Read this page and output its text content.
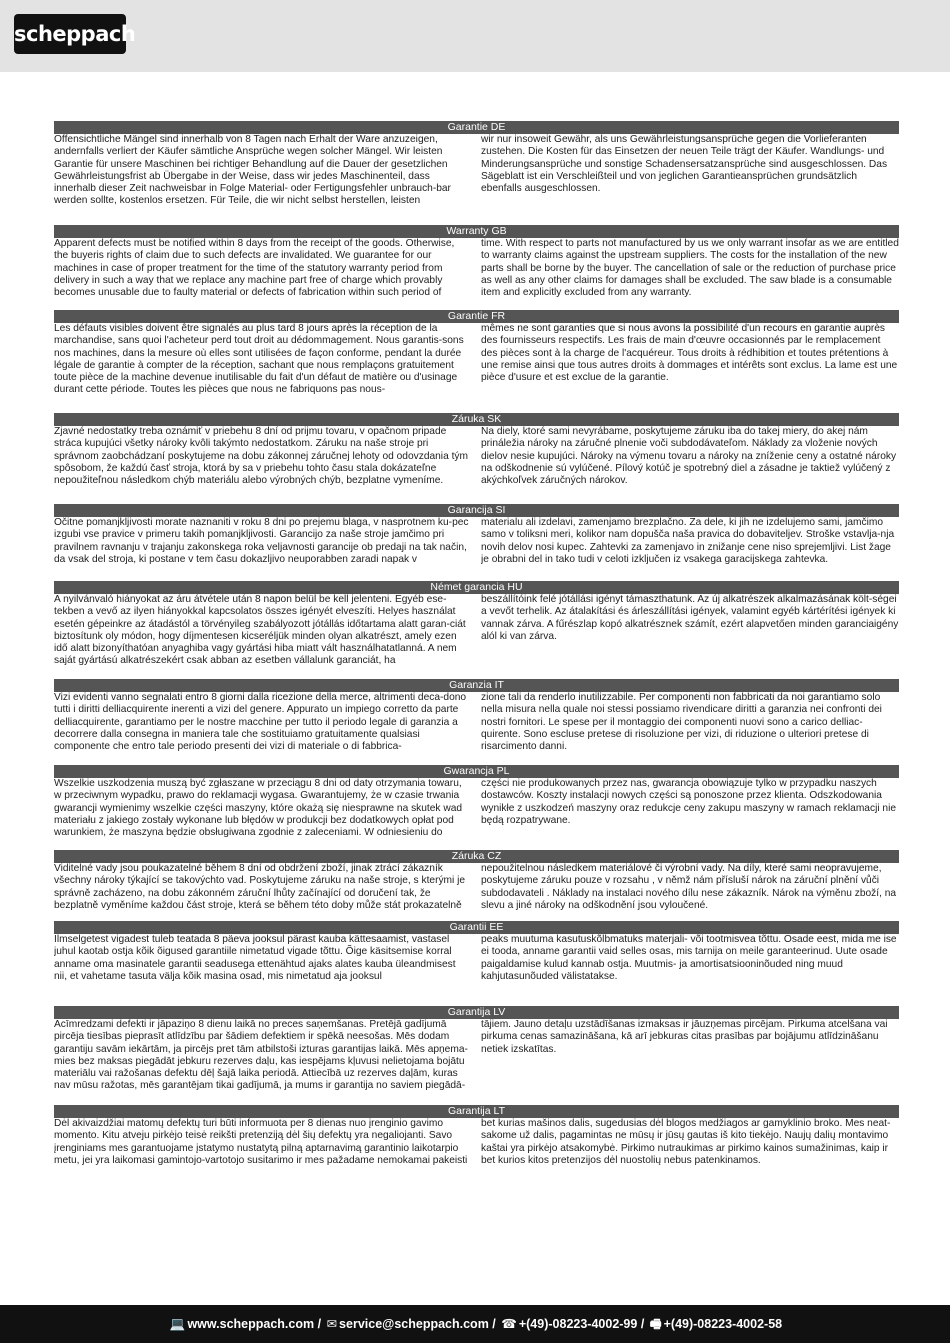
scheppach
Garantie DE
Offensichtliche Mängel sind innerhalb von 8 Tagen nach Erhalt der Ware anzuzeigen, andernfalls verliert der Käufer sämtliche Ansprüche wegen solcher Mängel. Wir leisten Garantie für unsere Maschinen bei richtiger Behandlung auf die Dauer der gesetzlichen Gewährleistungsfrist ab Übergabe in der Weise, dass wir jedes Maschinenteil, dass innerhalb dieser Zeit nachweisbar in Folge Material- oder Fertigungsfehler unbrauch-bar werden sollte, kostenlos ersetzen. Für Teile, die wir nicht selbst herstellen, leisten
wir nur insoweit Gewähr, als uns Gewährleistungsansprüche gegen die Vorlieferanten zustehen. Die Kosten für das Einsetzen der neuen Teile trägt der Käufer. Wandlungs- und Minderungsansprüche und sonstige Schadensersatzansprüche sind ausgeschlossen. Das Sägeblatt ist ein Verschleißteil und von jeglichen Garantieansprüchen grundsätzlich ebenfalls ausgeschlossen.
Warranty GB
Apparent defects must be notified within 8 days from the receipt of the goods. Otherwise, the buyeris rights of claim due to such defects are invalidated. We guarantee for our machines in case of proper treatment for the time of the statutory warranty period from delivery in such a way that we replace any machine part free of charge which provably becomes unusable due to faulty material or defects of fabrication within such period of
time. With respect to parts not manufactured by us we only warrant insofar as we are entitled to warranty claims against the upstream suppliers. The costs for the installation of the new parts shall be borne by the buyer. The cancellation of sale or the reduction of purchase price as well as any other claims for damages shall be excluded. The saw blade is a consumable item and explicitly excluded from any warranty.
Garantie FR
Les défauts visibles doivent être signalés au plus tard 8 jours après la réception de la marchandise, sans quoi l'acheteur perd tout droit au dédommagement. Nous garantis-sons nos machines, dans la mesure où elles sont utilisées de façon conforme, pendant la durée légale de garantie à compter de la réception, sachant que nous remplaçons gratuitement toute pièce de la machine devenue inutilisable du fait d'un défaut de matière ou d'usinage durant cette période. Toutes les pièces que nous ne fabriquons pas nous-
mêmes ne sont garanties que si nous avons la possibilité d'un recours en garantie auprès des fournisseurs respectifs. Les frais de main d'œuvre occasionnés par le remplacement des pièces sont à la charge de l'acquéreur. Tous droits à rédhibition et toutes prétentions à une remise ainsi que tous autres droits à dommages et intérêts sont exclus. La lame est une pièce d'usure et est exclue de la garantie.
Záruka SK
Zjavné nedostatky treba oznámiť v priebehu 8 dní od prijmu tovaru, v opačnom pripade stráca kupujúci všetky nároky kvôli takýmto nedostatkom. Záruku na naše stroje pri správnom zaobchádzaní poskytujeme na dobu zákonnej záručnej lehoty od odovzdania tým spôsobom, že každú časť stroja, ktorá by sa v priebehu tohto času stala dokázateľne nepoužiteľnou následkom chýb materiálu alebo výrobných chýb, bezplatne vymeníme.
Na diely, ktoré sami nevyrábame, poskytujeme záruku iba do takej miery, do akej nám prináležia nároky na záručné plnenie voči subdodávateľom. Náklady za vloženie nových dielov nesie kupujúci. Nároky na výmenu tovaru a nároky na zníženie ceny a ostatné nároky na odškodnenie sú vylúčené. Pílový kotúč je spotrebný diel a zásadne je taktiež vylúčený z akýchkoľvek záručných nárokov.
Garancija SI
Očitne pomanjkljivosti morate naznaniti v roku 8 dni po prejemu blaga, v nasprotnem ku-pec izgubi vse pravice v primeru takih pomanjkljivosti. Garancijo za naše stroje jamčimo pri pravilnem ravnanju v trajanju zakonskega roka veljavnosti garancije ob predaji na tak način, da vsak del stroja, ki postane v tem času dokazljivo neuporabben zaradi napak v
materialu ali izdelavi, zamenjamo brezplačno. Za dele, ki jih ne izdelujemo sami, jamčimo samo v toliksni meri, kolikor nam dopušča naša pravica do dobaviteljev. Stroške vstavlja-nja novih delov nosi kupec. Zahtevki za zamenjavo in znižanje cene niso sprejemljivi. List žage je obrabni del in tako tudi v celoti izključen iz vsakega garacijskega zahtevka.
Német garancia HU
A nyilvánvaló hiányokat az áru átvétele után 8 napon belül be kell jelenteni. Egyéb ese-tekben a vevő az ilyen hiányokkal kapcsolatos összes igényét elveszíti. Helyes használat esetén gépeinkre az átadástól a törvényileg szabályozott jótállás időtartama alatt garan-ciát biztosítunk oly módon, hogy díjmentesen kicseréljük minden olyan alkatrészt, amely ezen idő alatt bizonyíthatóan anyaghiba vagy gyártási hiba miatt vált használhatatlanná. A nem saját gyártású alkatrészekért csak abban az esetben vállalunk garanciát, ha
beszállítóink felé jótállási igényt támaszthatunk. Az új alkatrészek alkalmazásának költ-ségei a vevőt terhelik. Az átalakítási és árleszállítási igények, valamint egyéb kártérítési igények ki vannak zárva. A fűrészlap kopó alkatrésznek számít, ezért alapvetően minden garanciaigény alól ki van zárva.
Garanzia IT
Vizi evidenti vanno segnalati entro 8 giorni dalla ricezione della merce, altrimenti deca-dono tutti i diritti delliacquirente inerenti a vizi del genere. Appurato un impiego corretto da parte delliacquirente, garantiamo per le nostre macchine per tutto il periodo legale di garanzia a decorrere dalla consegna in maniera tale che sostituiamo gratuitamente qualsiasi componente che entro tale periodo presenti dei vizi di materiale o di fabbrica-
zione tali da renderlo inutilizzabile. Per componenti non fabbricati da noi garantiamo solo nella misura nella quale noi stessi possiamo rivendicare diritti a garanzia nei confronti dei nostri fornitori. Le spese per il montaggio dei componenti nuovi sono a carico delliac-quirente. Sono escluse pretese di risoluzione per vizi, di riduzione o ulteriori pretese di risarcimento danni.
Gwarancja PL
Wszelkie uszkodzenia muszą być zgłaszane w przeciągu 8 dni od daty otrzymania towaru, w przeciwnym wypadku, prawo do reklamacji wygasa. Gwarantujemy, że w czasie trwania gwarancji wymienimy wszelkie części maszyny, które okażą się niesprawne na skutek wad materiału z jakiego zostały wykonane lub błędów w produkcji bez dodatkowych opłat pod warunkiem, że maszyna będzie obsługiwana zgodnie z zaleceniami. W odniesieniu do
części nie produkowanych przez nas, gwarancja obowiązuje tylko w przypadku naszych dostawców. Koszty instalacji nowych części są ponoszone przez klienta. Odszkodowania wynikłe z uszkodzeń maszyny oraz redukcje ceny zakupu maszyny w ramach reklamacji nie będą rozpatrywane.
Záruka CZ
Viditelné vady jsou poukazatelné během 8 dní od obdržení zboží, jinak ztrácí zákazník všechny nároky týkající se takovýchto vad. Poskytujeme záruku na naše stroje, s kterými je správně zacházeno, na dobu zákonném záruční lhůty začínající od doručení tak, že bezplatně vyměníme každou část stroje, která se během této doby může stát prokazatelně
nepoužitelnou následkem materiálové či výrobní vady. Na díly, které sami neopravujeme, poskytujeme záruku pouze v rozsahu , v němž nám přísluší nárok na záruční plnění vůči subdodavateli . Náklady na instalaci nového dílu nese zákazník. Nárok na výměnu zboží, na slevu a jiné nároky na odškodnění jsou vyloučené.
Garantii EE
Ilmselgetest vigadest tuleb teatada 8 päeva jooksul pärast kauba kättesaamist, vastasel juhul kaotab ostja kõik õigused garantiile nimetatud vigade tõttu. Õige käsitsemise korral anname oma masinatele garantii seadusega ettenähtud ajaks alates kauba üleandmisest nii, et vahetame tasuta välja kõik masina osad, mis nimetatud aja jooksul
peaks muutuma kasutuskõlbmatuks materjali- või tootmisvea tõttu. Osade eest, mida me ise ei tooda, anname garantii vaid selles osas, mis tarnija on meile garanteerinud. Uute osade paigaldamise kulud kannab ostja. Muutmis- ja amortisatsiooninõuded ning muud kahjutasunõuded välistatakse.
Garantija LV
Acīmredzami defekti ir jāpaziņo 8 dienu laikā no preces saņemšanas. Pretējā gadījumā pircēja tiesības pieprasīt atlīdzību par šādiem defektiem ir spēkā neesošas. Mēs dodam garantiju savām iekārtām, ja pircējs pret tām atbilstoši izturas garantijas laikā. Mēs apņema-mies bez maksas piegādāt jebkuru rezerves daļu, kas iespējams kļuvusi nelietojama bojātu materiālu vai ražošanas defektu dēļ šajā laika periodā. Attiecībā uz rezerves daļām, kuras nav mūsu ražotas, mēs garantējam tikai gadījumā, ja mums ir garantija no saviem piegādā-
tājiem. Jauno detaļu uzstādīšanas izmaksas ir jāuzņemas pircējam. Pirkuma atcelšana vai pirkuma cenas samazināšana, kā arī jebkuras citas prasības par bojājumu atlīdzināšanu netiek izskatītas.
Garantija LT
Dėl akivaizdžiai matomų defektų turi būti informuota per 8 dienas nuo įrenginio gavimo momento. Kitu atveju pirkėjo teisė reikšti pretenziją dėl šių defektų yra negaliojanti. Savo įrenginiams mes garantuojame įstatymo nustatytą pilną aptarnavimą garantinio laikotarpio metu, jei yra laikomasi gamintojo-vartotojo susitarimo ir mes pažadame nemokamai pakeisti
bet kurias mašinos dalis, sugedusias dėl blogos medžiagos ar gamyklinio broko. Mes neat-sakome už dalis, pagamintas ne mūsų ir jūsų gautas iš kito tiekėjo. Naujų dalių montavimo kaštai yra pirkėjo atsakomybė. Pirkimo nutraukimas ar pirkimo kainos sumažinimas, kaip ir bet kurios kitos pretenzijos dėl nuostolių nebus patenkinamos.
💻 www.scheppach.com / ✉ service@scheppach.com / ☎ +(49)-08223-4002-99 / 🖷 +(49)-08223-4002-58
